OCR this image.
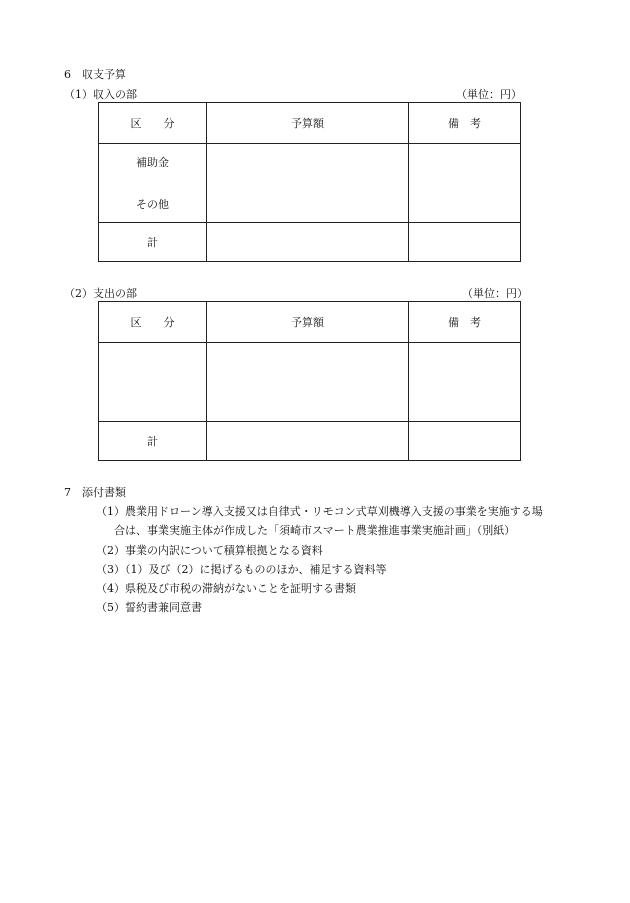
6　収支予算
（1）収入の部	（単位：円）
区　　分	予算額	備　考

補助金
その他		

計		
（2）支出の部	（単位：円）
区　　分	予算額	備　考

計		
7　添付書類
（1）農業用ドローン導入支援又は自律式・リモコン式草刈機導入支援の事業を実施する場
合は、事業実施主体が作成した「須崎市スマート農業推進事業実施計画」（別紙）
（2）事業の内訳について積算根拠となる資料
（3）（1）及び（2）に掲げるもののほか、補足する資料等
（4）県税及び市税の滞納がないことを証明する書類
（5）誓約書兼同意書
